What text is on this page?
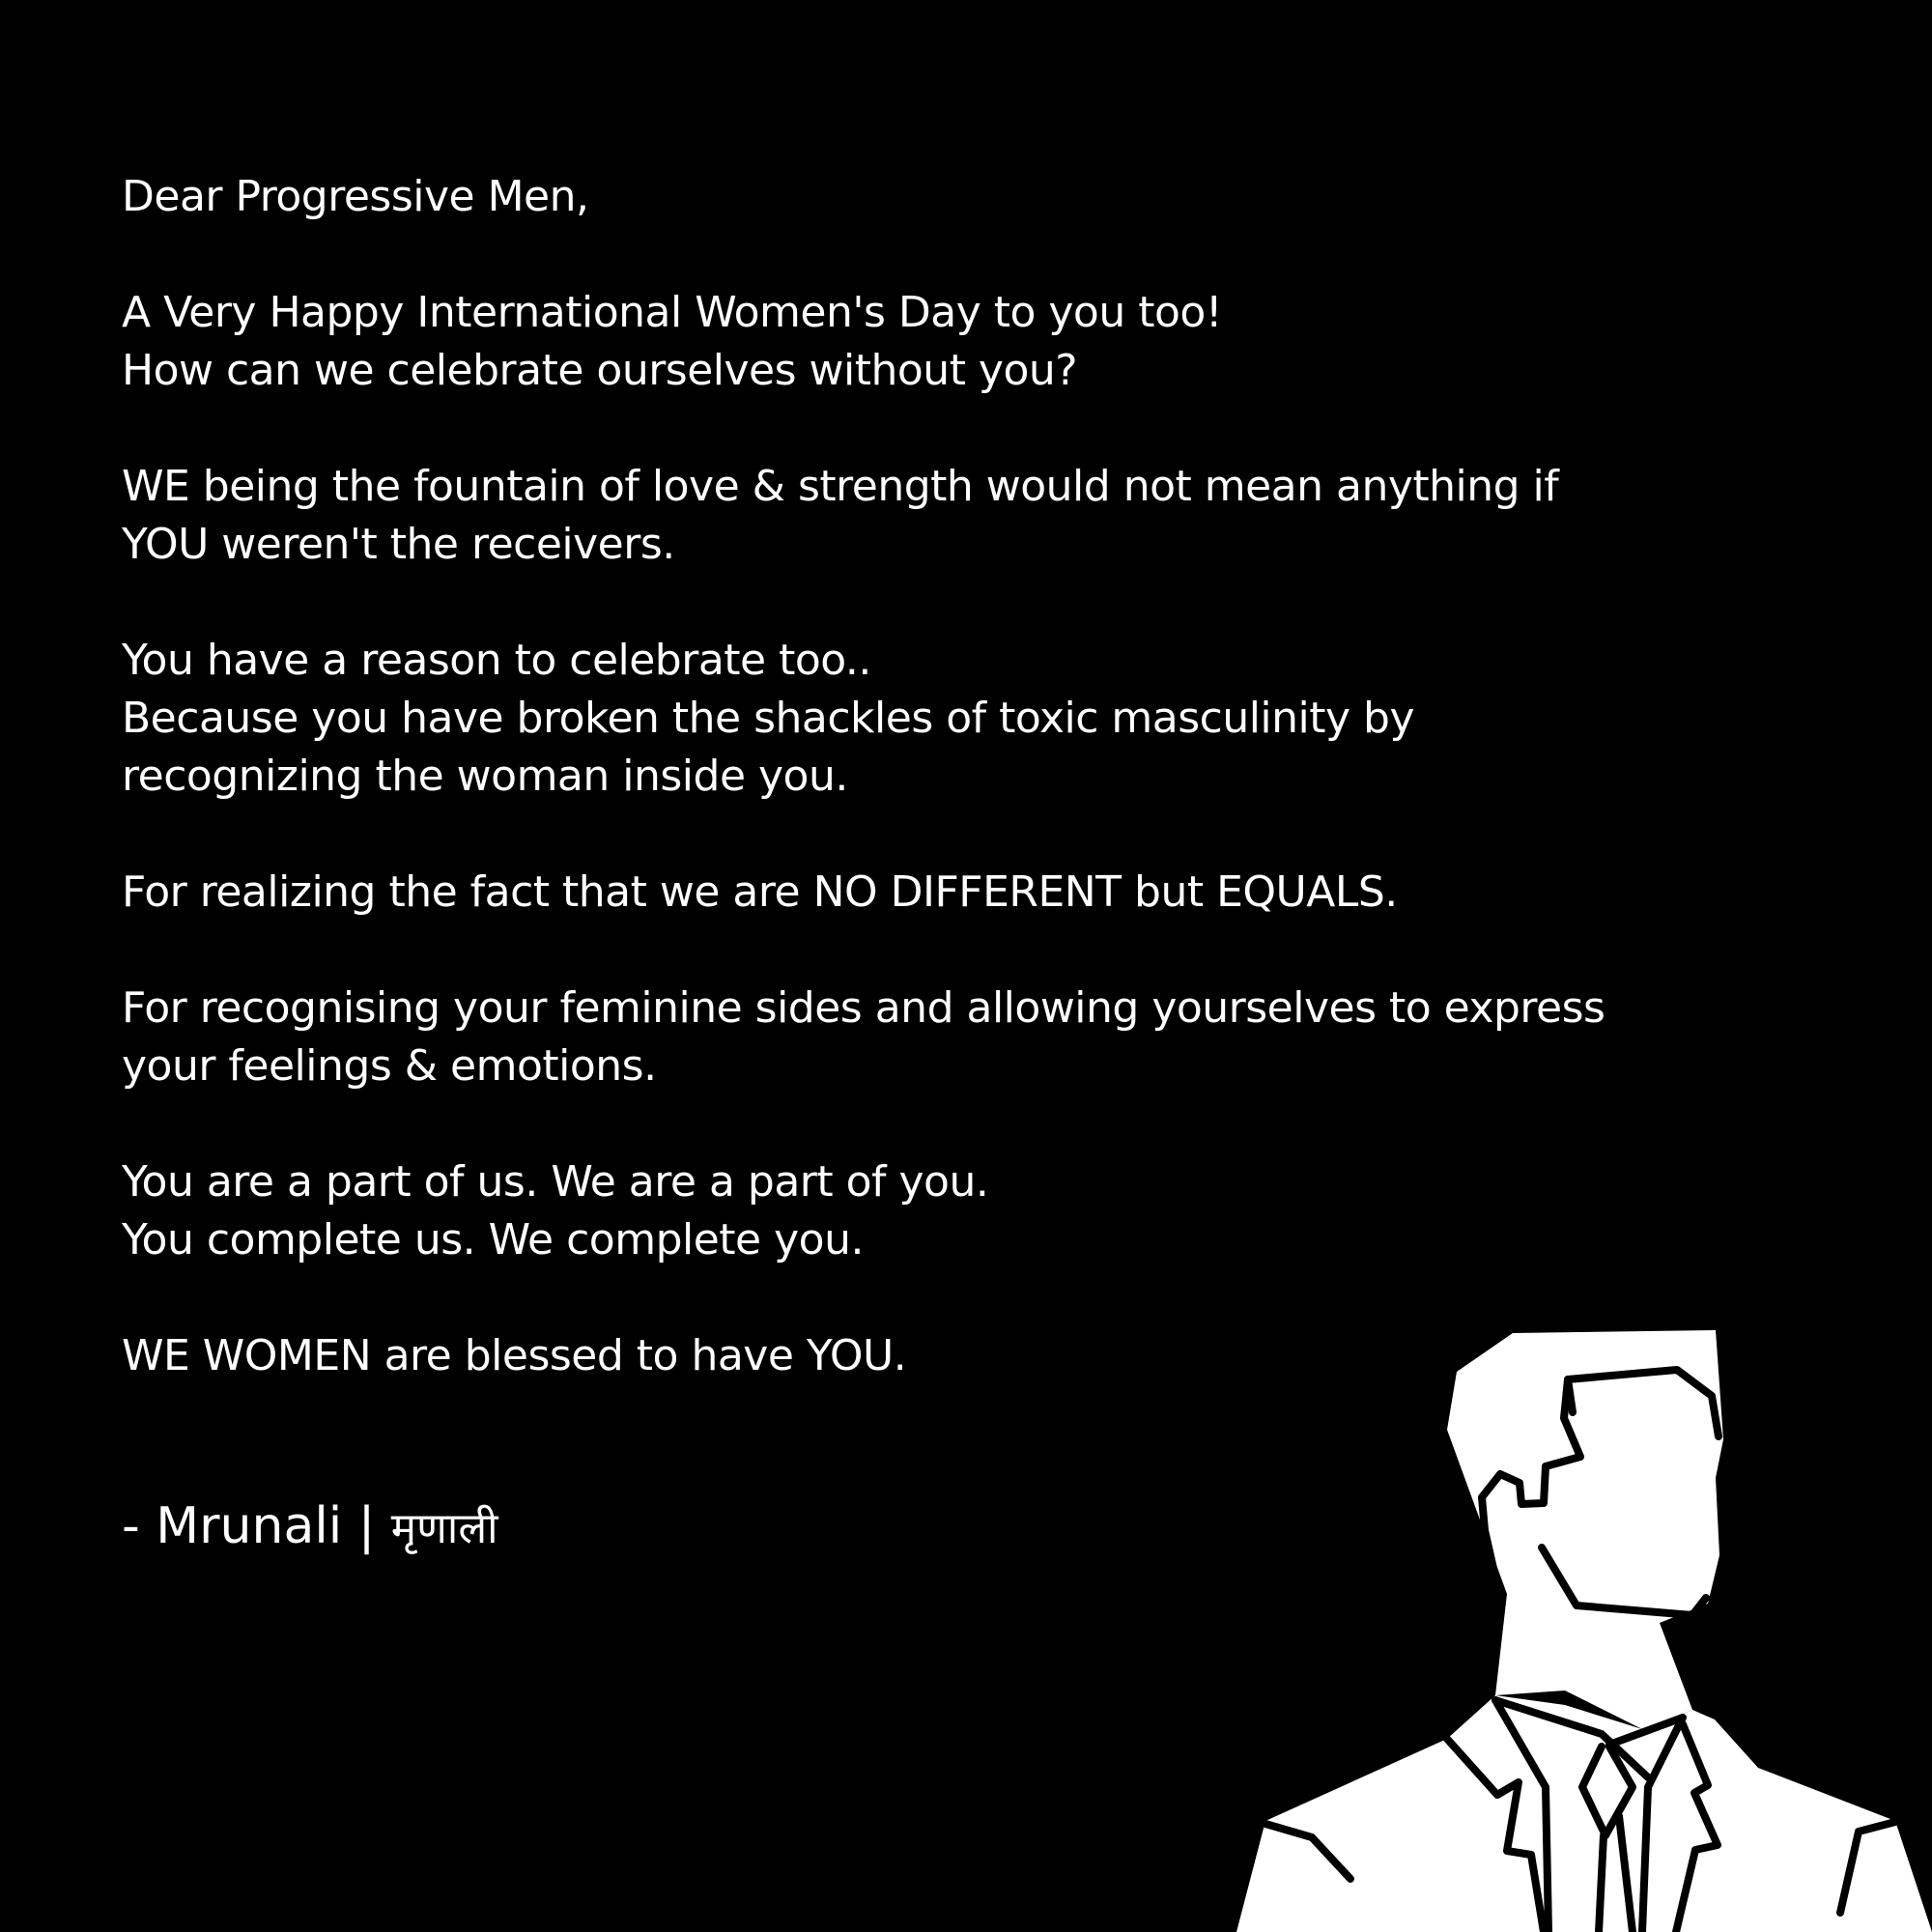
Dear Progressive Men,

A Very Happy International Women's Day to you too!
How can we celebrate ourselves without you?

WE being the fountain of love & strength would not mean anything if
YOU weren't the receivers.

You have a reason to celebrate too..
Because you have broken the shackles of toxic masculinity by
recognizing the woman inside you.

For realizing the fact that we are NO DIFFERENT but EQUALS.

For recognising your feminine sides and allowing yourselves to express
your feelings & emotions.

You are a part of us. We are a part of you.
You complete us. We complete you.

WE WOMEN are blessed to have YOU.

- Mrunali | मृणाली
